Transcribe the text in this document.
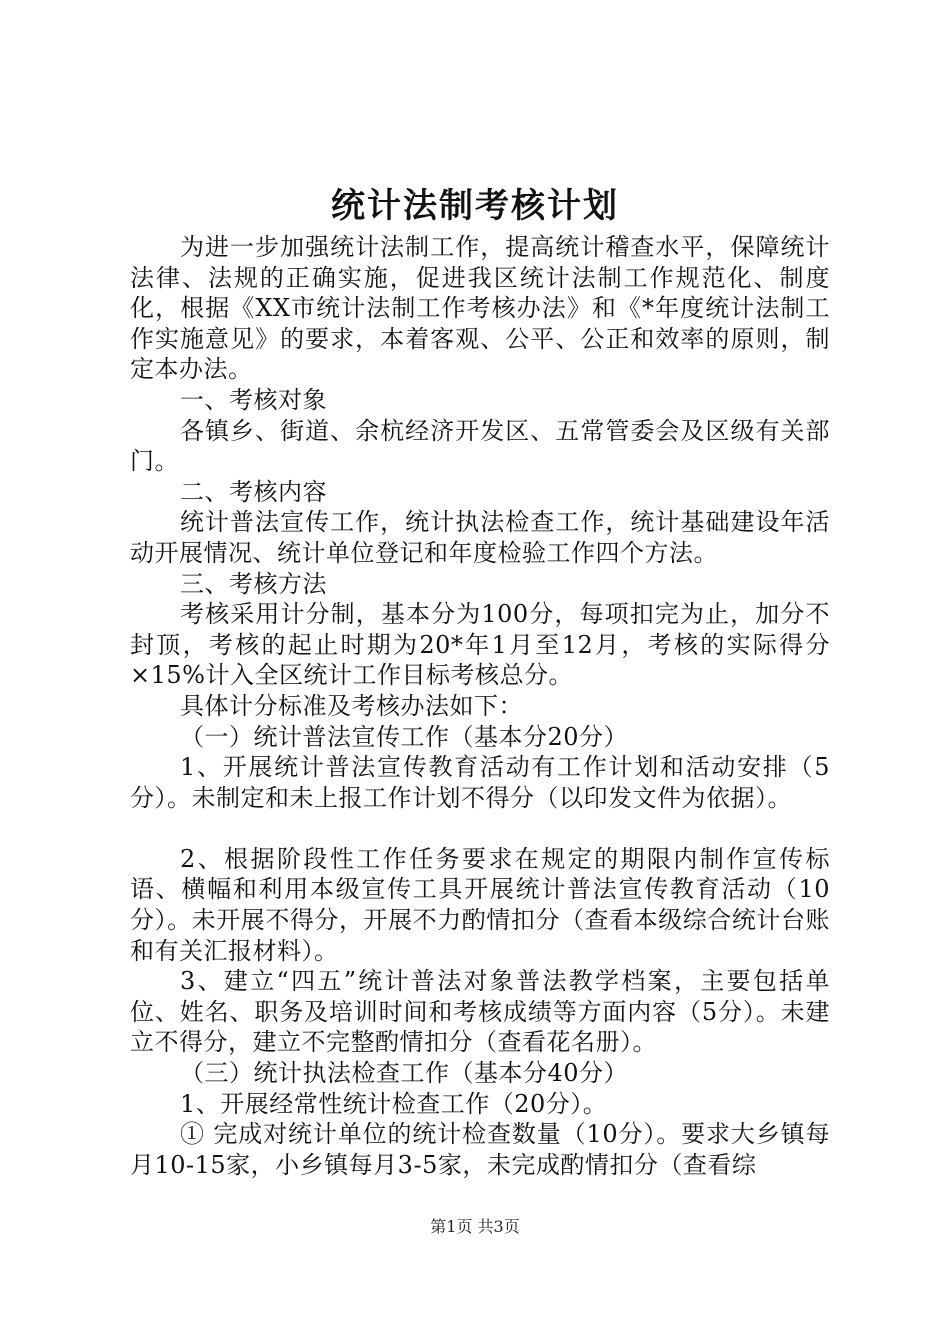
统计法制考核计划

为进一步加强统计法制工作，提高统计稽查水平，保障统计法律、法规的正确实施，促进我区统计法制工作规范化、制度化，根据《XX市统计法制工作考核办法》和《*年度统计法制工作实施意见》的要求，本着客观、公平、公正和效率的原则，制定本办法。

一、考核对象

各镇乡、街道、余杭经济开发区、五常管委会及区级有关部门。

二、考核内容

统计普法宣传工作，统计执法检查工作，统计基础建设年活动开展情况、统计单位登记和年度检验工作四个方法。

三、考核方法

考核采用计分制，基本分为100分，每项扣完为止，加分不封顶，考核的起止时期为20*年1月至12月，考核的实际得分×15%计入全区统计工作目标考核总分。

具体计分标准及考核办法如下：

（一）统计普法宣传工作（基本分20分）

1、开展统计普法宣传教育活动有工作计划和活动安排（5分）。未制定和未上报工作计划不得分（以印发文件为依据）。

2、根据阶段性工作任务要求在规定的期限内制作宣传标语、横幅和利用本级宣传工具开展统计普法宣传教育活动（10分）。未开展不得分，开展不力酌情扣分（查看本级综合统计台账和有关汇报材料）。

3、建立“四五”统计普法对象普法教学档案，主要包括单位、姓名、职务及培训时间和考核成绩等方面内容（5分）。未建立不得分，建立不完整酌情扣分（查看花名册）。

（三）统计执法检查工作（基本分40分）

1、开展经常性统计检查工作（20分）。

① 完成对统计单位的统计检查数量（10分）。要求大乡镇每月10-15家，小乡镇每月3-5家，未完成酌情扣分（查看综

第1页 共3页
